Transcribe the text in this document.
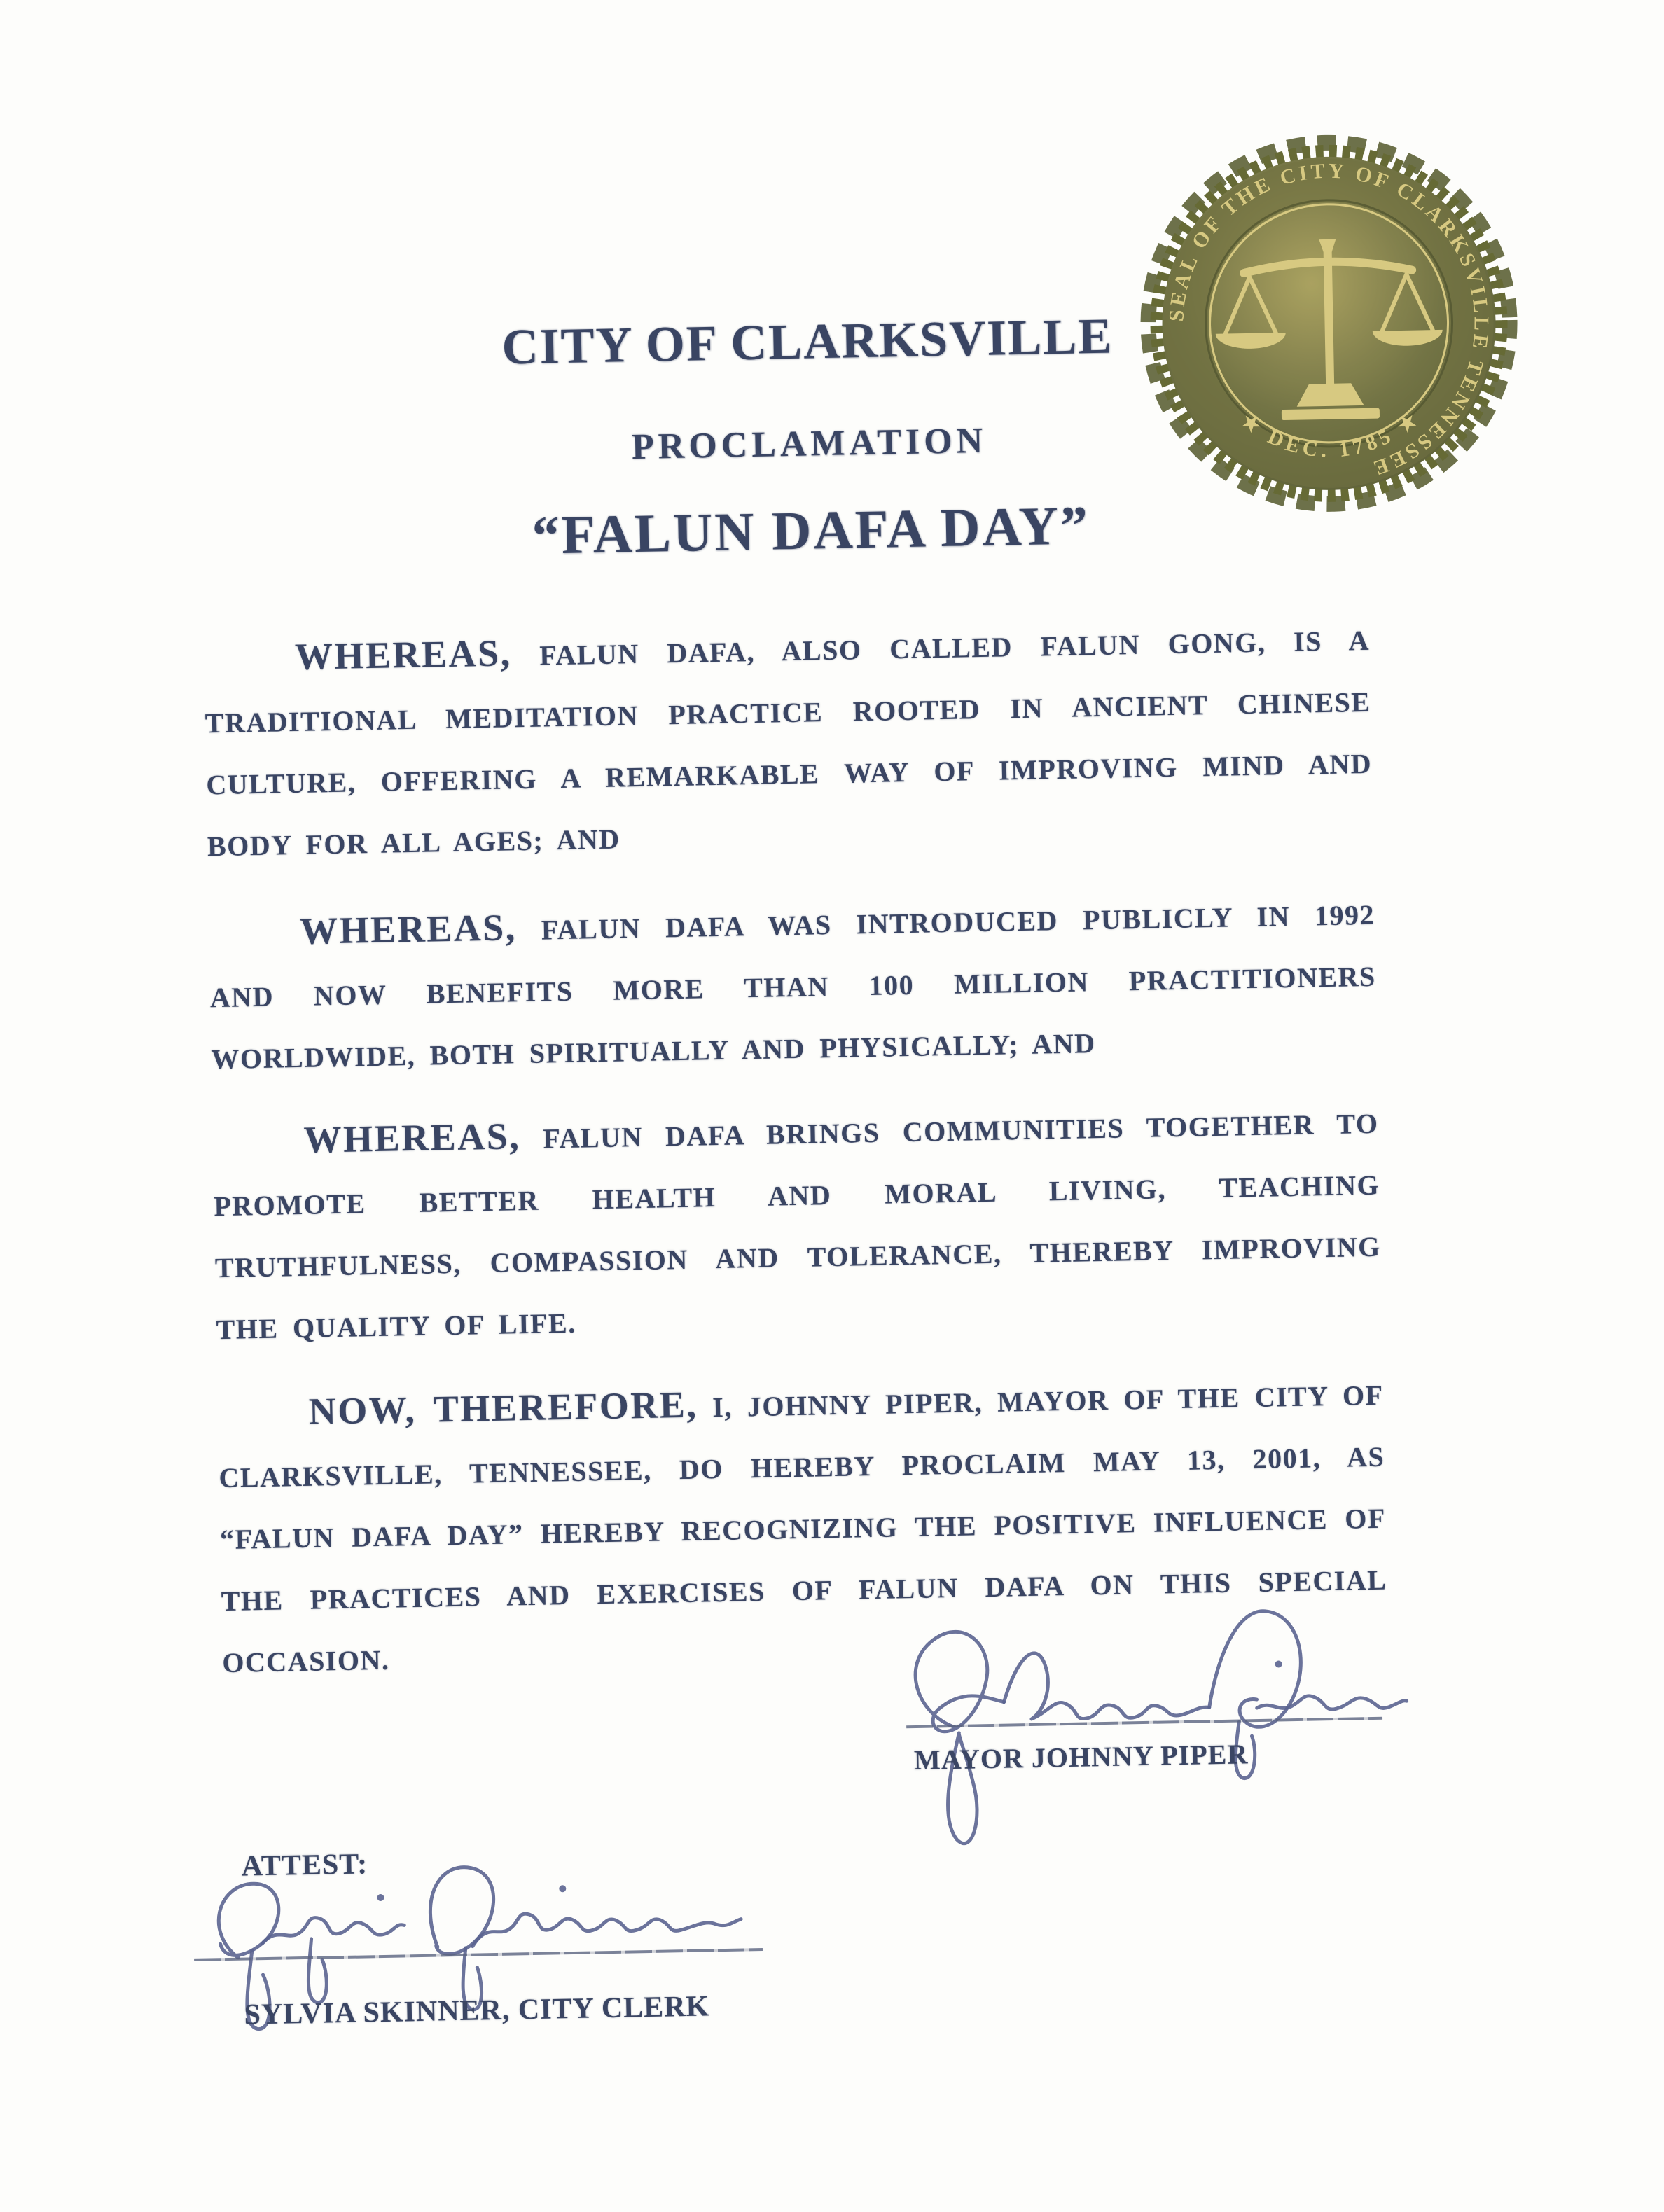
SEAL OF THE CITY OF CLARKSVILLE TENNESSEE
★ DEC. 1785 ★
CITY OF CLARKSVILLE
PROCLAMATION
“FALUN DAFA DAY”

WHEREAS, FALUN DAFA, ALSO CALLED FALUN GONG, IS A TRADITIONAL MEDITATION PRACTICE ROOTED IN ANCIENT CHINESE CULTURE, OFFERING A REMARKABLE WAY OF IMPROVING MIND AND BODY FOR ALL AGES; AND

WHEREAS, FALUN DAFA WAS INTRODUCED PUBLICLY IN 1992 AND NOW BENEFITS MORE THAN 100 MILLION PRACTITIONERS WORLDWIDE, BOTH SPIRITUALLY AND PHYSICALLY; AND

WHEREAS, FALUN DAFA BRINGS COMMUNITIES TOGETHER TO PROMOTE BETTER HEALTH AND MORAL LIVING, TEACHING TRUTHFULNESS, COMPASSION AND TOLERANCE, THEREBY IMPROVING THE QUALITY OF LIFE.

NOW, THEREFORE, I, JOHNNY PIPER, MAYOR OF THE CITY OF CLARKSVILLE, TENNESSEE, DO HEREBY PROCLAIM MAY 13, 2001, AS “FALUN DAFA DAY” HEREBY RECOGNIZING THE POSITIVE INFLUENCE OF THE PRACTICES AND EXERCISES OF FALUN DAFA ON THIS SPECIAL OCCASION.

MAYOR JOHNNY PIPER
ATTEST:
SYLVIA SKINNER, CITY CLERK
